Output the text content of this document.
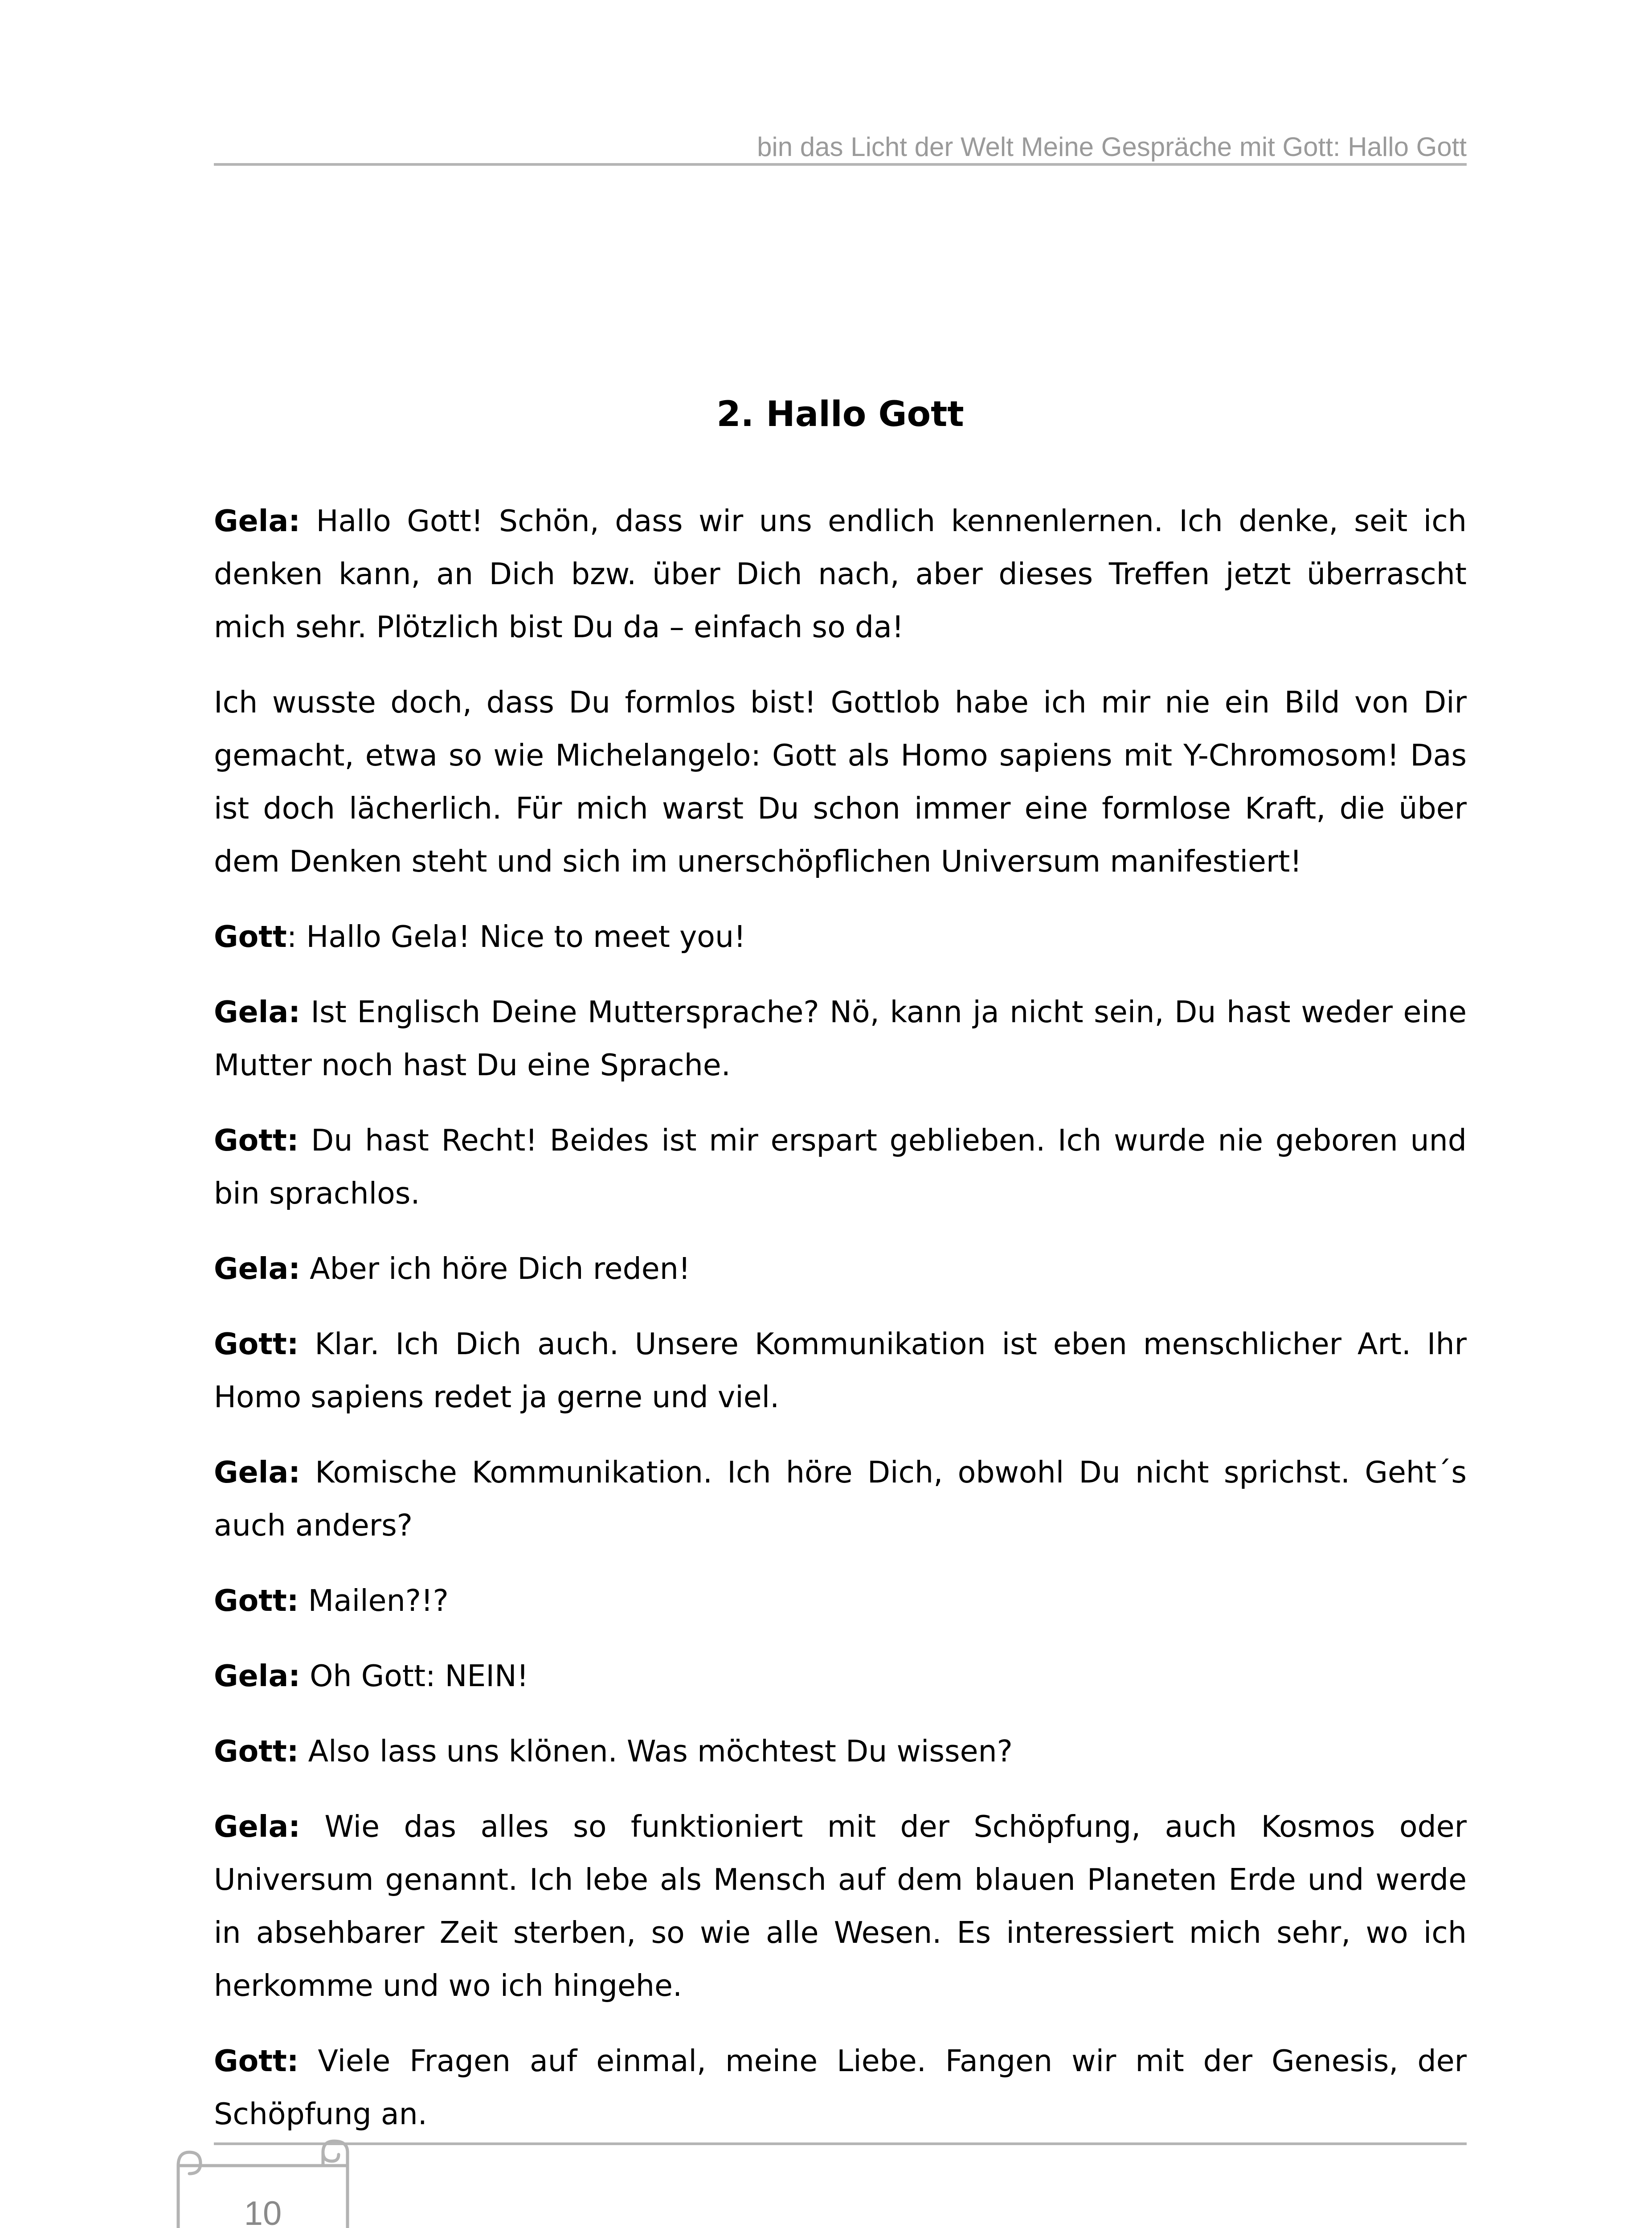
bin das Licht der Welt Meine Gespräche mit Gott: Hallo Gott
2. Hallo Gott

Gela: Hallo Gott! Schön, dass wir uns endlich kennenlernen. Ich denke, seit ich denken kann, an Dich bzw. über Dich nach, aber dieses Treffen jetzt überrascht mich sehr. Plötzlich bist Du da – einfach so da!

Ich wusste doch, dass Du formlos bist! Gottlob habe ich mir nie ein Bild von Dir gemacht, etwa so wie Michelangelo: Gott als Homo sapiens mit Y-Chromosom! Das ist doch lächerlich. Für mich warst Du schon immer eine formlose Kraft, die über dem Denken steht und sich im unerschöpflichen Universum manifestiert!

Gott: Hallo Gela! Nice to meet you!

Gela: Ist Englisch Deine Muttersprache? Nö, kann ja nicht sein, Du hast weder eine Mutter noch hast Du eine Sprache.

Gott: Du hast Recht! Beides ist mir erspart geblieben. Ich wurde nie geboren und bin sprachlos.

Gela: Aber ich höre Dich reden!

Gott: Klar. Ich Dich auch. Unsere Kommunikation ist eben menschlicher Art. Ihr Homo sapiens redet ja gerne und viel.

Gela: Komische Kommunikation. Ich höre Dich, obwohl Du nicht sprichst. Geht´s auch anders?

Gott: Mailen?!?

Gela: Oh Gott: NEIN!

Gott: Also lass uns klönen. Was möchtest Du wissen?

Gela: Wie das alles so funktioniert mit der Schöpfung, auch Kosmos oder Universum genannt. Ich lebe als Mensch auf dem blauen Planeten Erde und werde in absehbarer Zeit sterben, so wie alle Wesen. Es interessiert mich sehr, wo ich herkomme und wo ich hingehe.

Gott: Viele Fragen auf einmal, meine Liebe. Fangen wir mit der Genesis, der Schöpfung an.

10
